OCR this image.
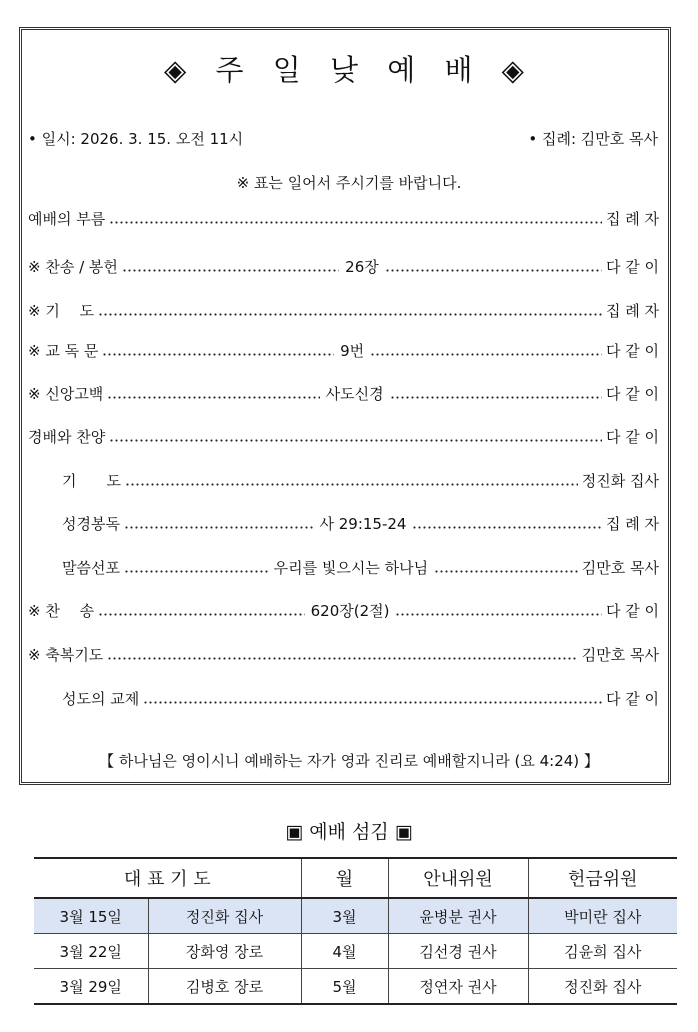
◈ 주 일 낮 예 배 ◈
• 일시: 2026. 3. 15. 오전 11시	• 집례: 김만호 목사
※ 표는 일어서 주시기를 바랍니다.
예배의 부름	집 례 자
※ 찬송 / 봉헌	26장	다 같 이
※ 기　 도	집 례 자
※ 교 독 문	9번	다 같 이
※ 신앙고백	사도신경	다 같 이
경배와 찬양	다 같 이
기　　도	정진화 집사
성경봉독	사 29:15-24	집 례 자
말씀선포	우리를 빛으시는 하나님	김만호 목사
※ 찬　 송	620장(2절)	다 같 이
※ 축복기도	김만호 목사
성도의 교제	다 같 이
【 하나님은 영이시니 예배하는 자가 영과 진리로 예배할지니라 (요 4:24) 】
▣ 예배 섬김 ▣
대 표 기 도		월	안내위원	헌금위원
3월 15일	정진화 집사	3월	윤병분 권사	박미란 집사
3월 22일	장화영 장로	4월	김선경 권사	김윤희 집사
3월 29일	김병호 장로	5월	정연자 권사	정진화 집사
